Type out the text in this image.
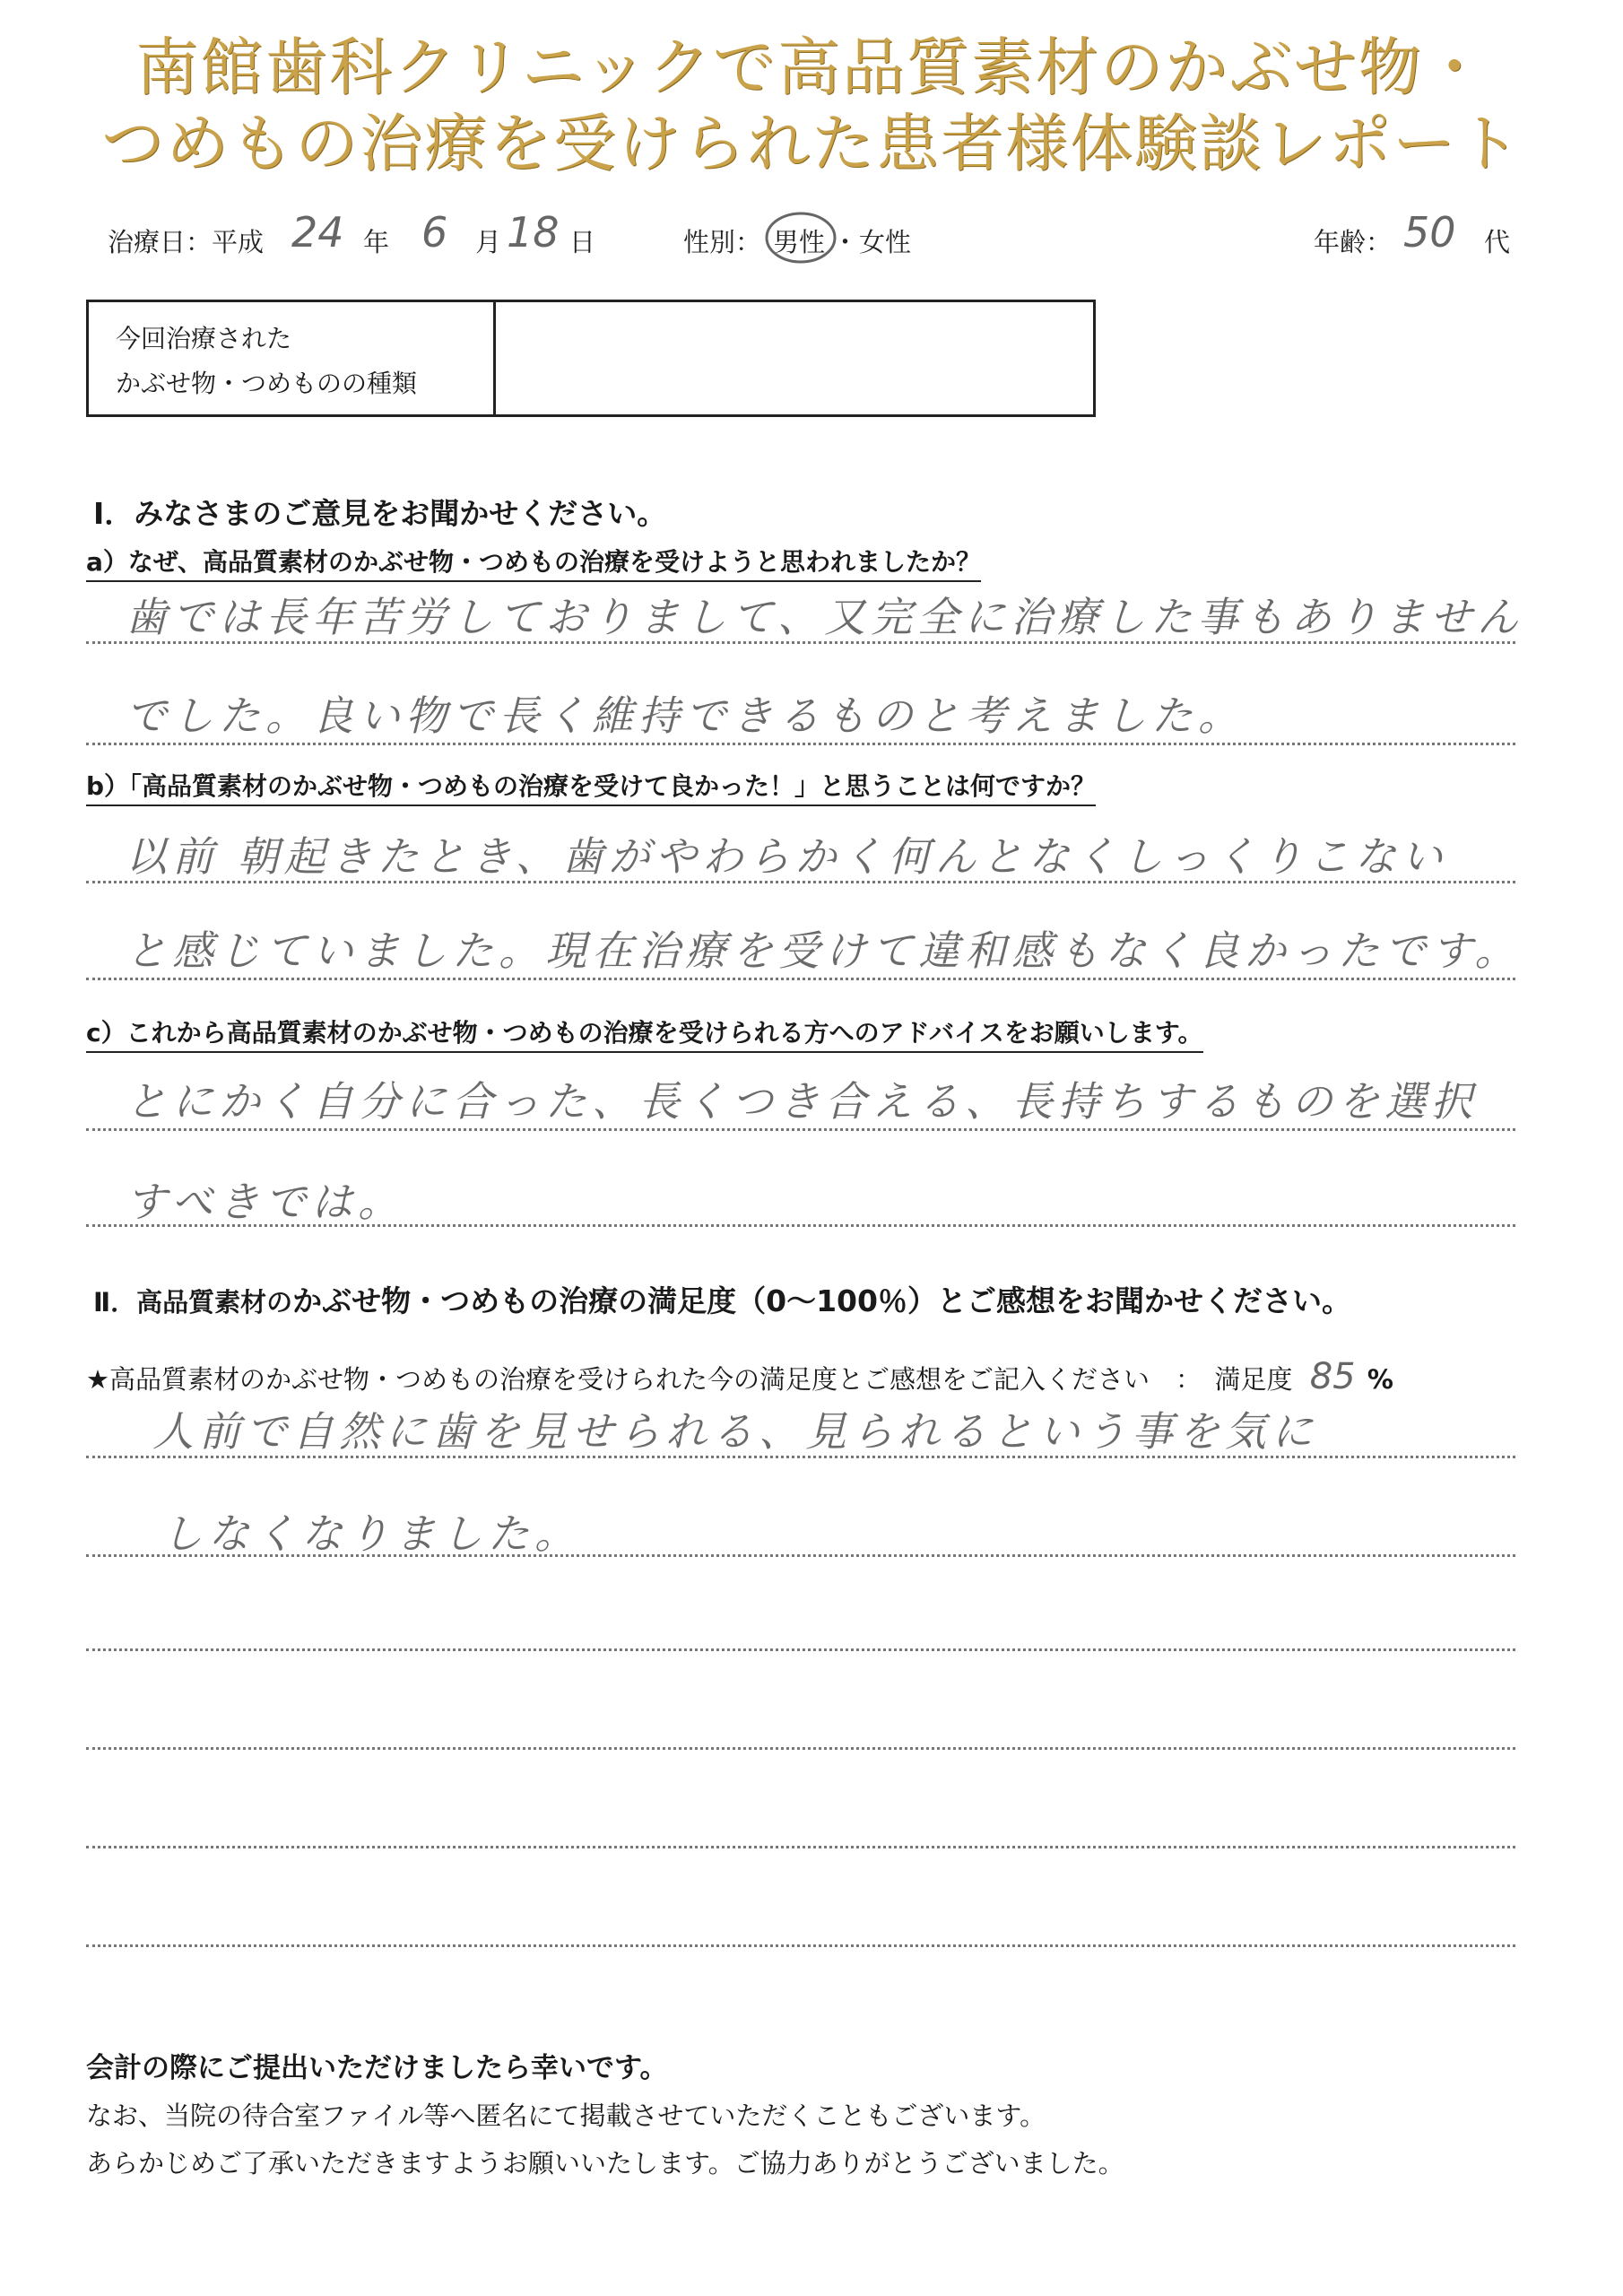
南館歯科クリニックで高品質素材のかぶせ物・
つめもの治療を受けられた患者様体験談レポート
治療日：平成 24 年 6 月 18 日	性別： 男性 ・ 女性	年齢： 50 代
今回治療された
かぶせ物・つめものの種類
Ⅰ．みなさまのご意見をお聞かせください。
a）なぜ、高品質素材のかぶせ物・つめもの治療を受けようと思われましたか？
歯では長年苦労しておりまして、又完全に治療した事もありません
でした。良い物で長く維持できるものと考えました。
b）「高品質素材のかぶせ物・つめもの治療を受けて良かった！」と思うことは何ですか？
以前 朝起きたとき、歯がやわらかく何んとなくしっくりこない
と感じていました。現在治療を受けて違和感もなく良かったです。
c）これから高品質素材のかぶせ物・つめもの治療を受けられる方へのアドバイスをお願いします。
とにかく自分に合った、長くつき合える、長持ちするものを選択
すべきでは。
Ⅱ．高品質素材のかぶせ物・つめもの治療の満足度（0〜100％）とご感想をお聞かせください。
★高品質素材のかぶせ物・つめもの治療を受けられた今の満足度とご感想をご記入ください　：　満足度 85 %
人前で自然に歯を見せられる、見られるという事を気に
しなくなりました。
会計の際にご提出いただけましたら幸いです。
なお、当院の待合室ファイル等へ匿名にて掲載させていただくこともございます。
あらかじめご了承いただきますようお願いいたします。ご協力ありがとうございました。
